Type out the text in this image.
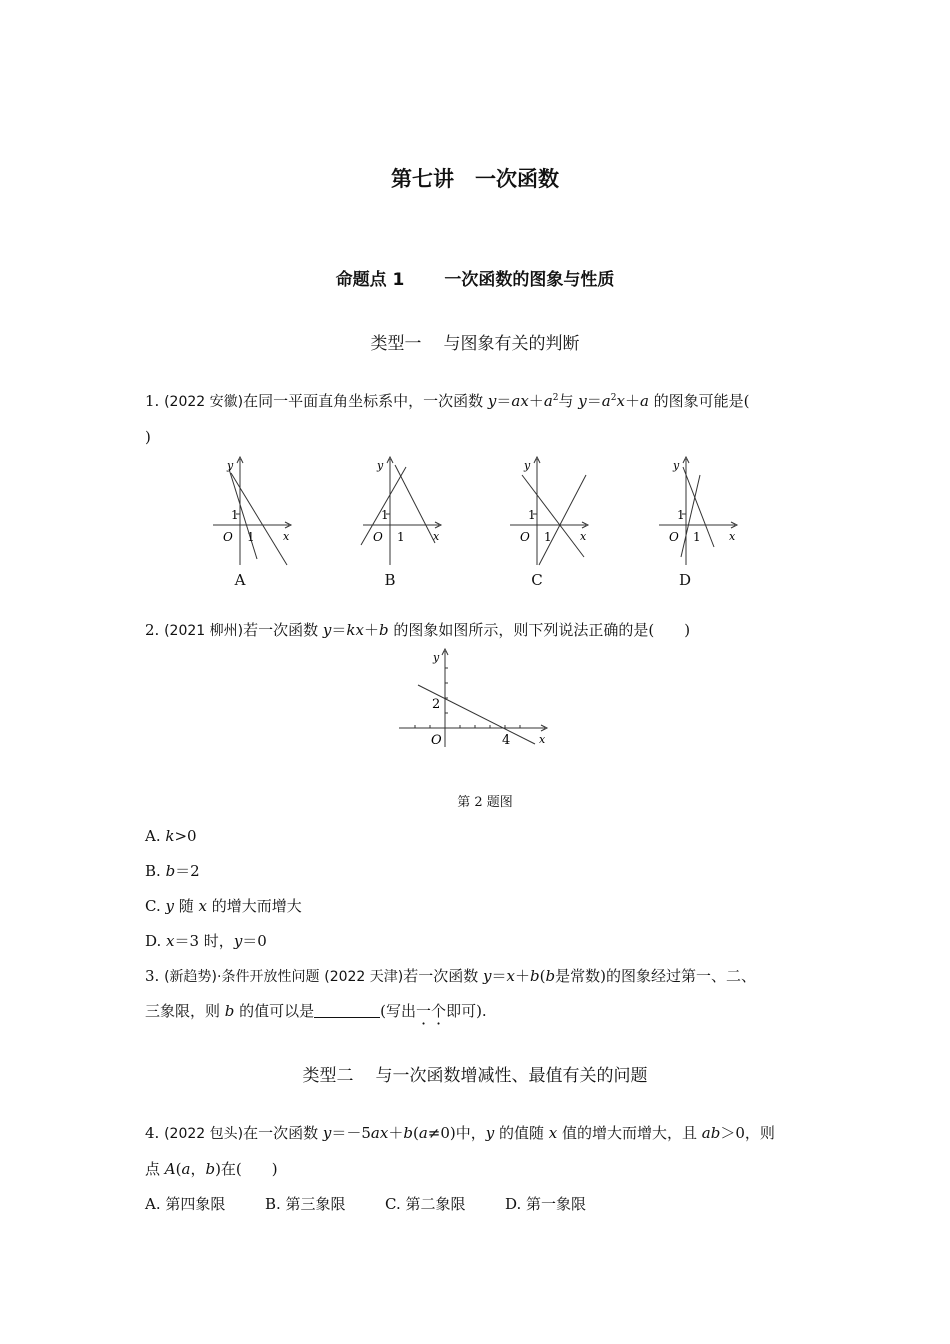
第七讲　一次函数
命题点 1 一次函数的图象与性质
类型一 与图象有关的判断
1. (2022 安徽)在同一平面直角坐标系中，一次函数 $y=ax+a^2$与 $y=a^2x+a$ 的图象可能是(
)
y
x
O
1
1
A
y
x
O
1
1
B
y
x
O
1
1
C
y
x
O
1
1
D
2. (2021 柳州)若一次函数 y＝kx＋b 的图象如图所示，则下列说法正确的是(　　)
y
x
O
2
4
第 2 题图
A. k>0
B. b＝2
C. y 随 x 的增大而增大
D. x＝3 时，y＝0
3. (新趋势)·条件开放性问题 (2022 天津)若一次函数 y＝x＋b(b是常数)的图象经过第一、二、
三象限，则 b 的值可以是	(写出一个即可).
类型二 与一次函数增减性、最值有关的问题
4. (2022 包头)在一次函数 y＝－5ax＋b(a≠0)中，y 的值随 x 值的增大而增大，且 ab＞0，则
点 A(a，b)在(　　)
A. 第四象限	B. 第三象限	C. 第二象限	D. 第一象限
